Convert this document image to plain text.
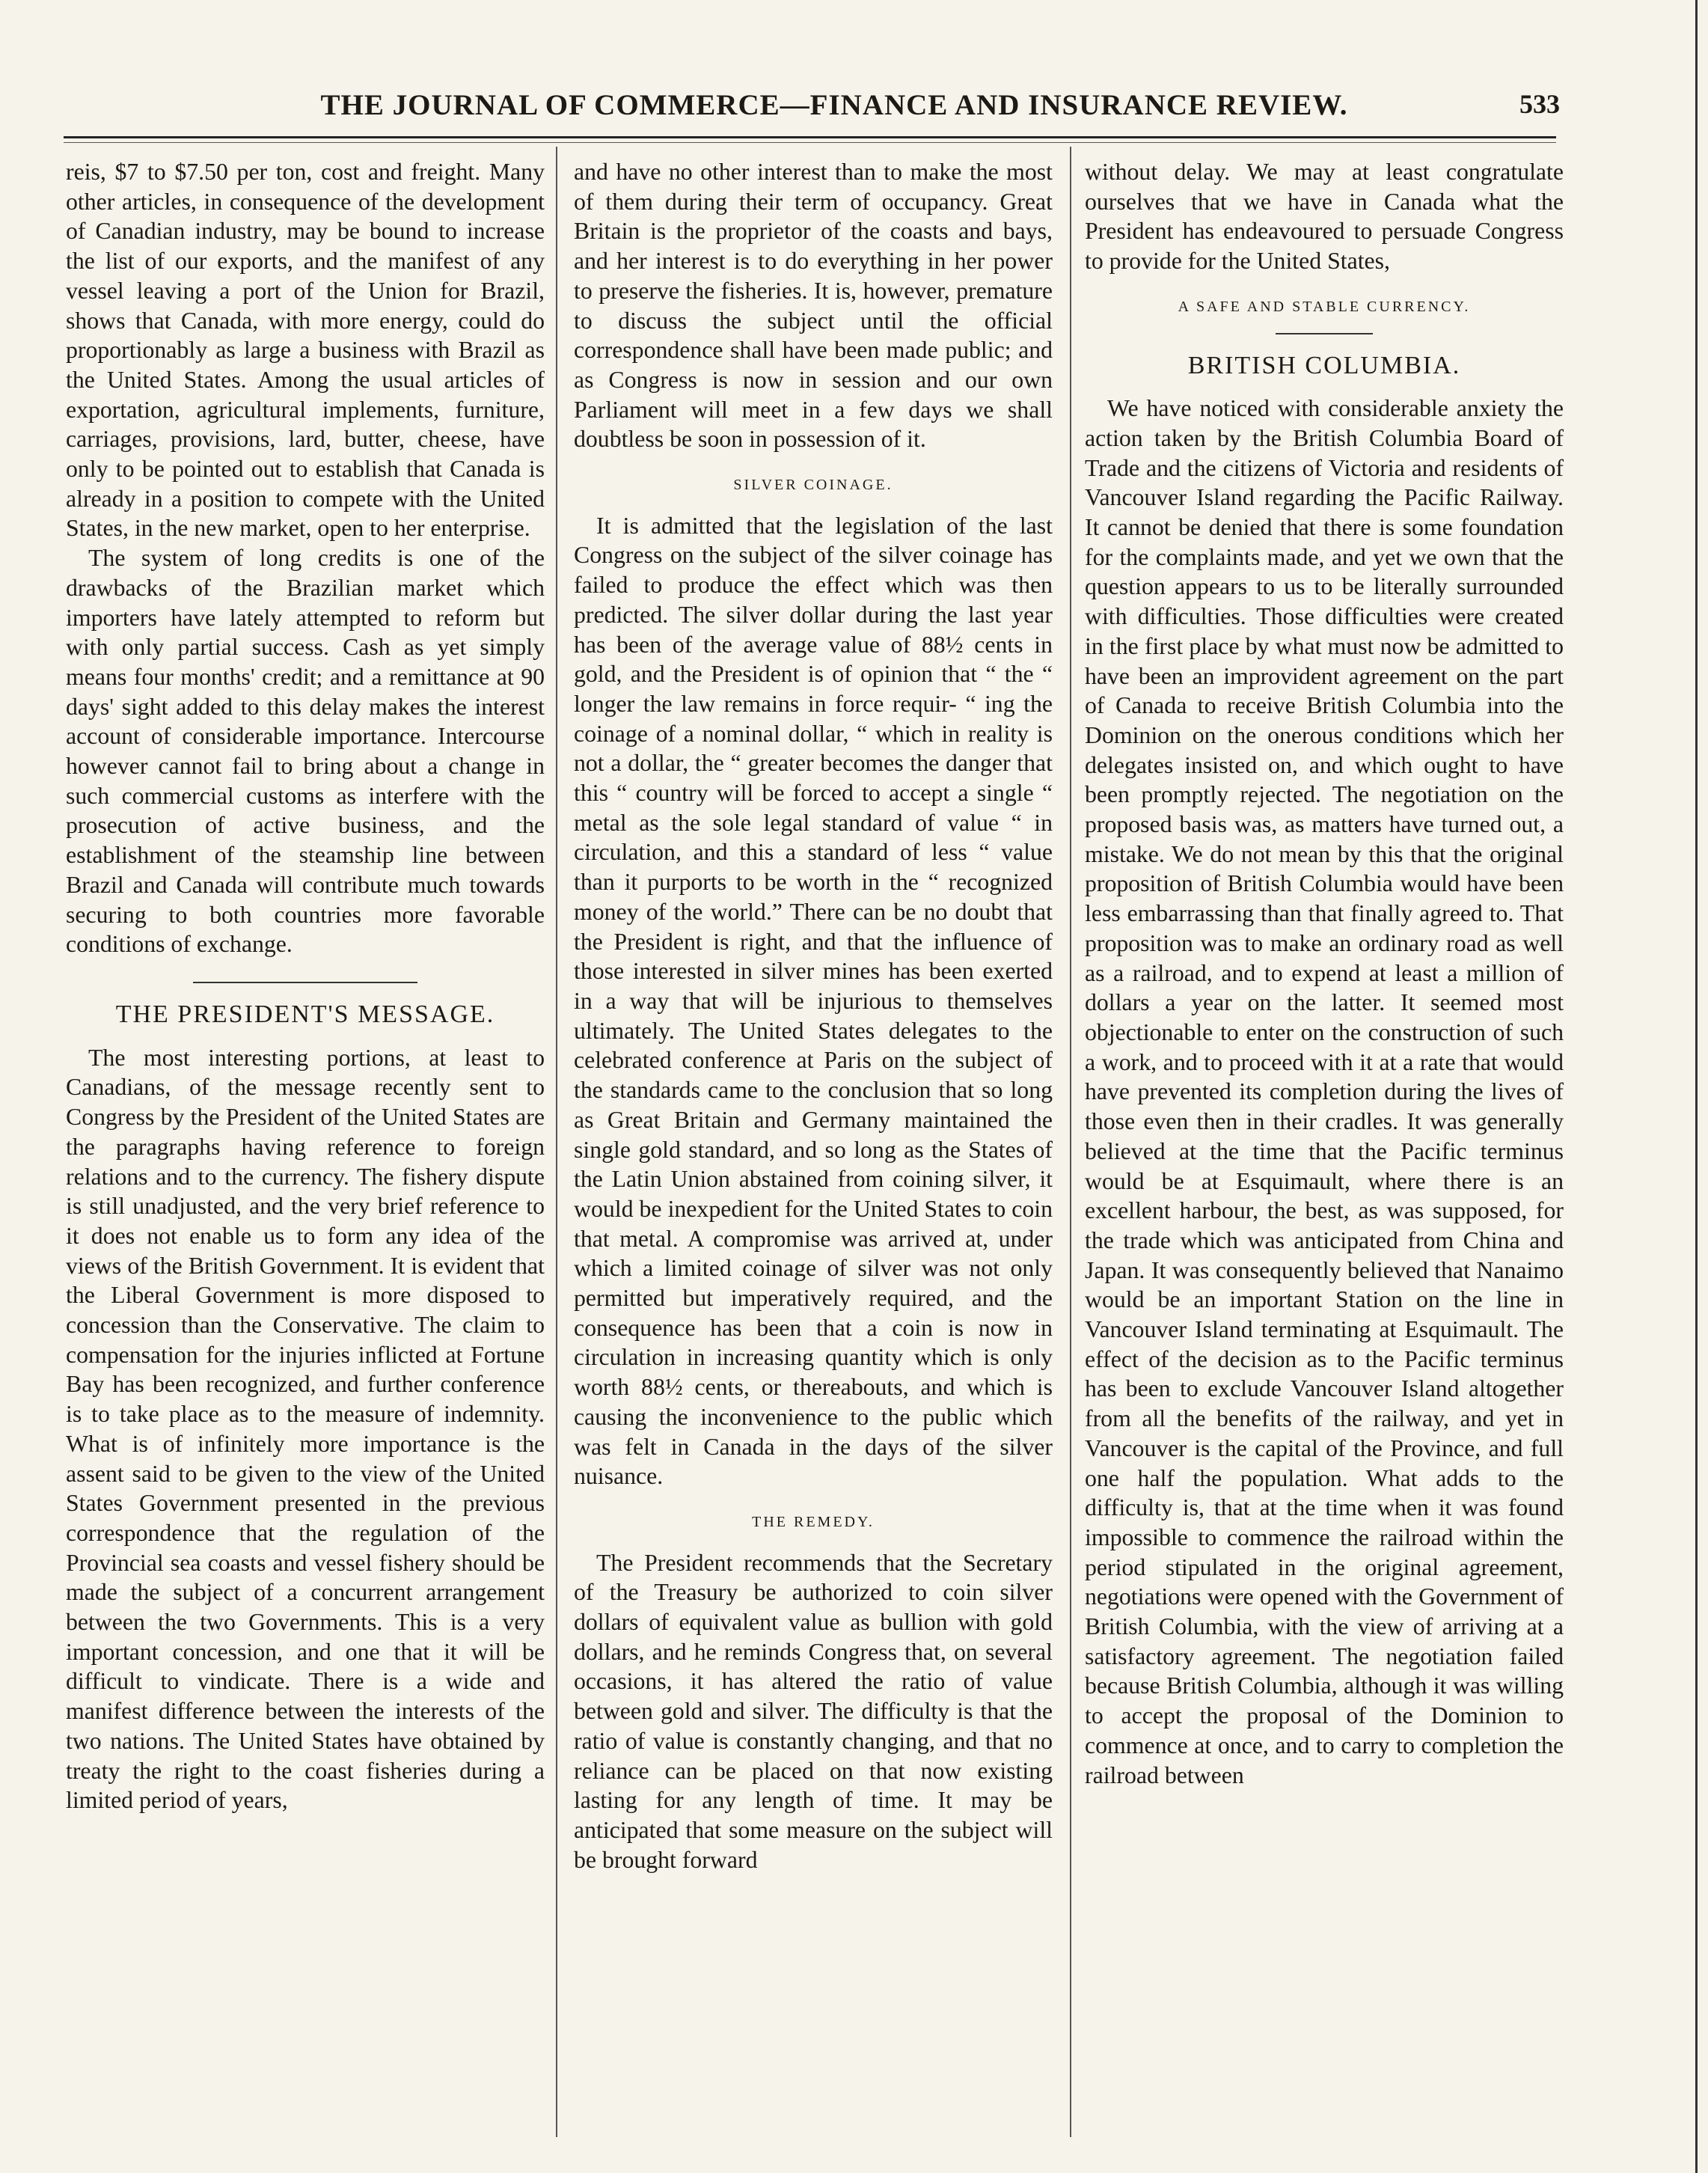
THE JOURNAL OF COMMERCE—FINANCE AND INSURANCE REVIEW.	533

reis, $7 to $7.50 per ton, cost and freight. Many other articles, in consequence of the development of Canadian industry, may be bound to increase the list of our exports, and the manifest of any vessel leaving a port of the Union for Brazil, shows that Canada, with more energy, could do proportionably as large a business with Brazil as the United States. Among the usual articles of exportation, agricultural implements, furniture, carriages, provisions, lard, butter, cheese, have only to be pointed out to establish that Canada is already in a position to compete with the United States, in the new market, open to her enterprise.

The system of long credits is one of the drawbacks of the Brazilian market which importers have lately attempted to reform but with only partial success. Cash as yet simply means four months' credit; and a remittance at 90 days' sight added to this delay makes the interest account of considerable importance. Intercourse however cannot fail to bring about a change in such commercial customs as interfere with the prosecution of active business, and the establishment of the steamship line between Brazil and Canada will contribute much towards securing to both countries more favorable conditions of exchange.

THE PRESIDENT'S MESSAGE.

The most interesting portions, at least to Canadians, of the message recently sent to Congress by the President of the United States are the paragraphs having reference to foreign relations and to the currency. The fishery dispute is still unadjusted, and the very brief reference to it does not enable us to form any idea of the views of the British Government. It is evident that the Liberal Government is more disposed to concession than the Conservative. The claim to compensation for the injuries inflicted at Fortune Bay has been recognized, and further conference is to take place as to the measure of indemnity. What is of infinitely more importance is the assent said to be given to the view of the United States Government presented in the previous correspondence that the regulation of the Provincial sea coasts and vessel fishery should be made the subject of a concurrent arrangement between the two Governments. This is a very important concession, and one that it will be difficult to vindicate. There is a wide and manifest difference between the interests of the two nations. The United States have obtained by treaty the right to the coast fisheries during a limited period of years,

and have no other interest than to make the most of them during their term of occupancy. Great Britain is the proprietor of the coasts and bays, and her interest is to do everything in her power to preserve the fisheries. It is, however, premature to discuss the subject until the official correspondence shall have been made public; and as Congress is now in session and our own Parliament will meet in a few days we shall doubtless be soon in possession of it.

SILVER COINAGE.

It is admitted that the legislation of the last Congress on the subject of the silver coinage has failed to produce the effect which was then predicted. The silver dollar during the last year has been of the average value of 88½ cents in gold, and the President is of opinion that “ the “ longer the law remains in force requir- “ ing the coinage of a nominal dollar, “ which in reality is not a dollar, the “ greater becomes the danger that this “ country will be forced to accept a single “ metal as the sole legal standard of value “ in circulation, and this a standard of less “ value than it purports to be worth in the “ recognized money of the world.” There can be no doubt that the President is right, and that the influence of those interested in silver mines has been exerted in a way that will be injurious to themselves ultimately. The United States delegates to the celebrated conference at Paris on the subject of the standards came to the conclusion that so long as Great Britain and Germany maintained the single gold standard, and so long as the States of the Latin Union abstained from coining silver, it would be inexpedient for the United States to coin that metal. A compromise was arrived at, under which a limited coinage of silver was not only permitted but imperatively required, and the consequence has been that a coin is now in circulation in increasing quantity which is only worth 88½ cents, or thereabouts, and which is causing the inconvenience to the public which was felt in Canada in the days of the silver nuisance.

THE REMEDY.

The President recommends that the Secretary of the Treasury be authorized to coin silver dollars of equivalent value as bullion with gold dollars, and he reminds Congress that, on several occasions, it has altered the ratio of value between gold and silver. The difficulty is that the ratio of value is constantly changing, and that no reliance can be placed on that now existing lasting for any length of time. It may be anticipated that some measure on the subject will be brought forward

without delay. We may at least congratulate ourselves that we have in Canada what the President has endeavoured to persuade Congress to provide for the United States,

A SAFE AND STABLE CURRENCY.
BRITISH COLUMBIA.

We have noticed with considerable anxiety the action taken by the British Columbia Board of Trade and the citizens of Victoria and residents of Vancouver Island regarding the Pacific Railway. It cannot be denied that there is some foundation for the complaints made, and yet we own that the question appears to us to be literally surrounded with difficulties. Those difficulties were created in the first place by what must now be admitted to have been an improvident agreement on the part of Canada to receive British Columbia into the Dominion on the onerous conditions which her delegates insisted on, and which ought to have been promptly rejected. The negotiation on the proposed basis was, as matters have turned out, a mistake. We do not mean by this that the original proposition of British Columbia would have been less embarrassing than that finally agreed to. That proposition was to make an ordinary road as well as a railroad, and to expend at least a million of dollars a year on the latter. It seemed most objectionable to enter on the construction of such a work, and to proceed with it at a rate that would have prevented its completion during the lives of those even then in their cradles. It was generally believed at the time that the Pacific terminus would be at Esquimault, where there is an excellent harbour, the best, as was supposed, for the trade which was anticipated from China and Japan. It was consequently believed that Nanaimo would be an important Station on the line in Vancouver Island terminating at Esquimault. The effect of the decision as to the Pacific terminus has been to exclude Vancouver Island altogether from all the benefits of the railway, and yet in Vancouver is the capital of the Province, and full one half the population. What adds to the difficulty is, that at the time when it was found impossible to commence the railroad within the period stipulated in the original agreement, negotiations were opened with the Government of British Columbia, with the view of arriving at a satisfactory agreement. The negotiation failed because British Columbia, although it was willing to accept the proposal of the Dominion to commence at once, and to carry to completion the railroad between
